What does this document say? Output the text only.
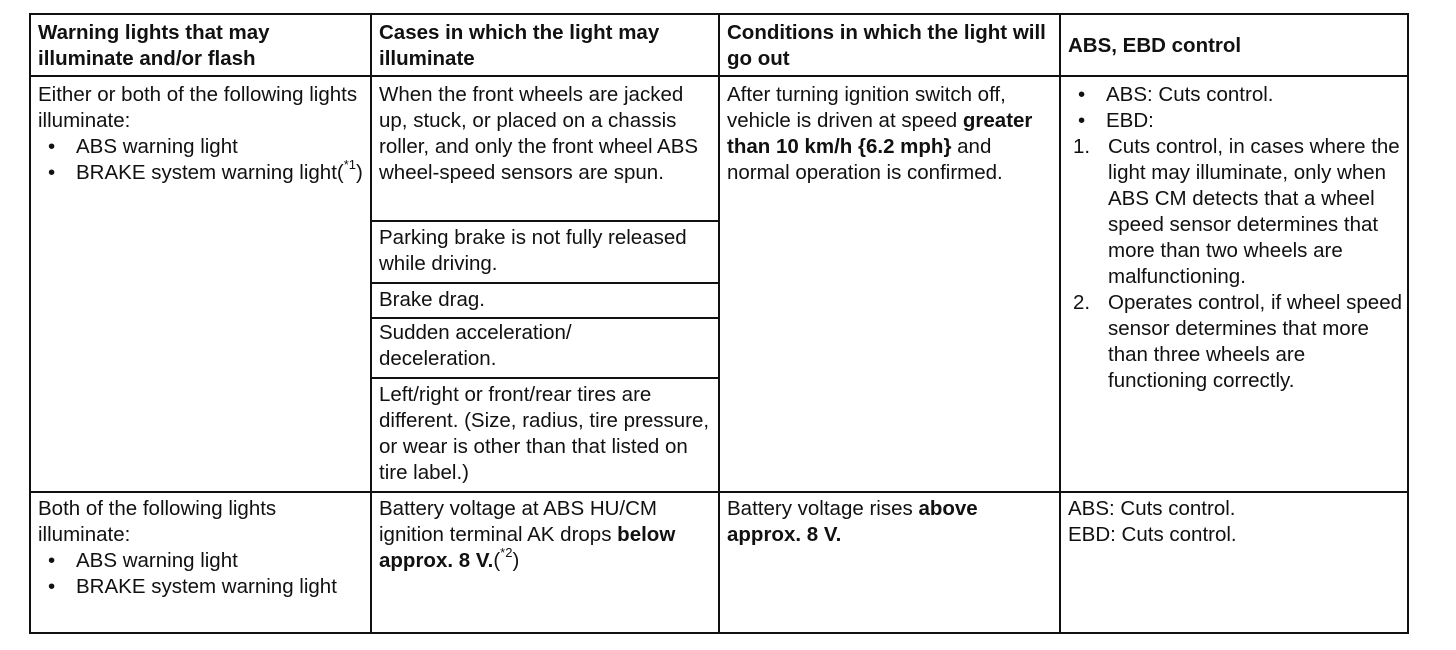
Warning lights that may illuminate and/or flash
Cases in which the light may illuminate
Conditions in which the light will go out
ABS, EBD control
Either or both of the following lights illuminate:
• ABS warning light
• BRAKE system warning light($^{*1}$)
When the front wheels are jacked up, stuck, or placed on a chassis roller, and only the front wheel ABS wheel-speed sensors are spun.
Parking brake is not fully released while driving.
Brake drag.
Sudden acceleration/ deceleration.
Left/right or front/rear tires are different. (Size, radius, tire pressure, or wear is other than that listed on tire label.)
After turning ignition switch off, vehicle is driven at speed greater than 10 km/h {6.2 mph} and normal operation is confirmed.
• ABS: Cuts control.
• EBD:
1. Cuts control, in cases where the light may illuminate, only when ABS CM detects that a wheel speed sensor determines that more than two wheels are malfunctioning.
2. Operates control, if wheel speed sensor determines that more than three wheels are functioning correctly.
Both of the following lights illuminate:
• ABS warning light
• BRAKE system warning light
Battery voltage at ABS HU/CM ignition terminal AK drops below approx. 8 V.($^{*2}$)
Battery voltage rises above approx. 8 V.
ABS: Cuts control.
EBD: Cuts control.
